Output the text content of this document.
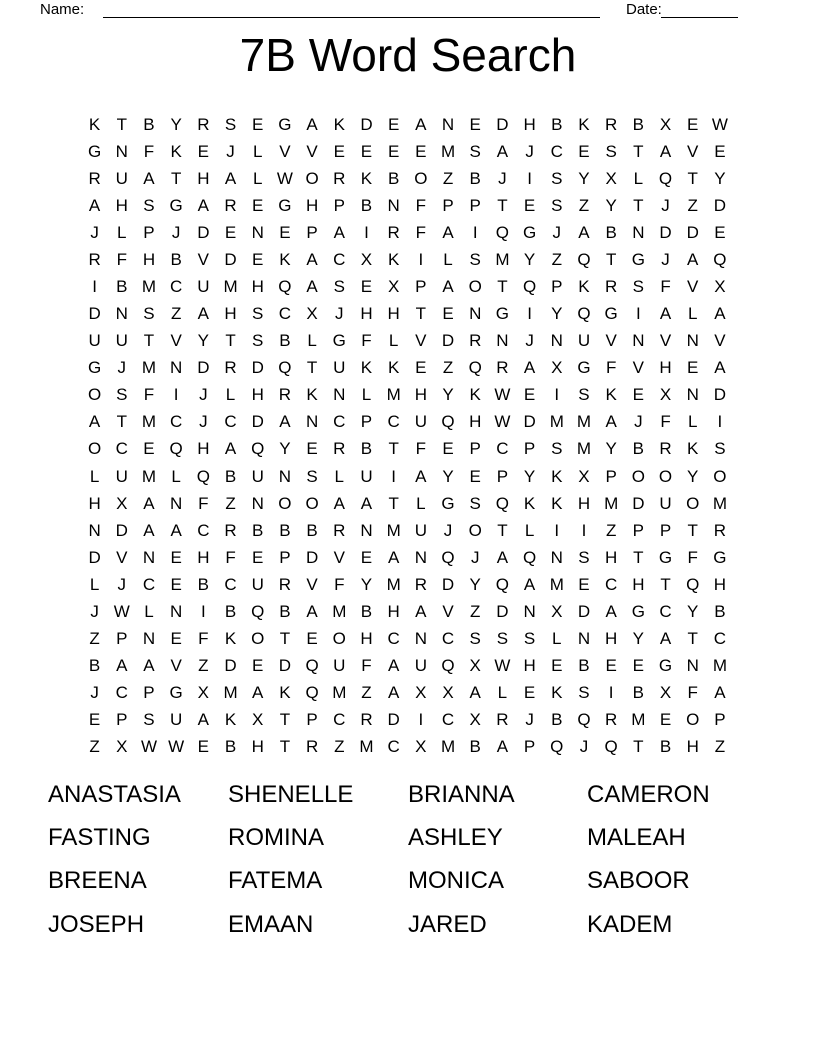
Name:	Date:
7B Word Search
K T B Y R S E G A K D E A N E D H B K R B X E W
G N F K E	J	L V V E E E E M S A	J C E S T A V E
R U A T H A L W O R K B O Z B	J	I	S Y X L Q T Y
A H S G A R E G H P B N F P P T E S Z Y T	J	Z D
J	L P	J D E N E P A	I	R F A	I	Q G J	A B N D D E
R F H B V D E K A C X K	I	L S M Y Z Q T G J	A Q
I	B M C U M H Q A S E X P A O T Q P K R S F V X
D N S Z A H S C X	J H H T E N G	I	Y Q G	I	A L A
U U T V Y T S B L G F	L V D R N J N U V N V N V
G J M N D R D Q T U K K E Z Q R A X G F V H E A
O S F	I	J	L H R K N L M H Y K W E	I	S K E X N D
A T M C J C D A N C P C U Q H W D M M A	J	F	L	I
O C E Q H A Q Y E R B T F E P C P S M Y B R K S
L U M L Q B U N S L U	I	A Y E P Y K X P O O Y O
H X A N F Z N O O A A T	L G S Q K K H M D U O M
N D A A C R B B B R N M U J O T	L	I	I	Z P P T R
D V N E H F E P D V E A N Q J	A Q N S H T G F G
L	J C E B C U R V F Y M R D Y Q A M E C H T Q H
J W L N	I	B Q B A M B H A V Z D N X D A G C Y B
Z P N E F K O T E O H C N C S S S L N H Y A T C
B A A V Z D E D Q U F A U Q X W H E B E E G N M
J C P G X M A K Q M Z A X X A L E K S	I	B X F A
E P S U A K X T P C R D	I	C X R J	B Q R M E O P
Z X W W E B H T R Z M C X M B A P Q J Q T B H Z
ANASTASIA	SHENELLE	BRIANNA	CAMERON
FASTING	ROMINA	ASHLEY	MALEAH
BREENA	FATEMA	MONICA	SABOOR
JOSEPH	EMAAN	JARED	KADEM
